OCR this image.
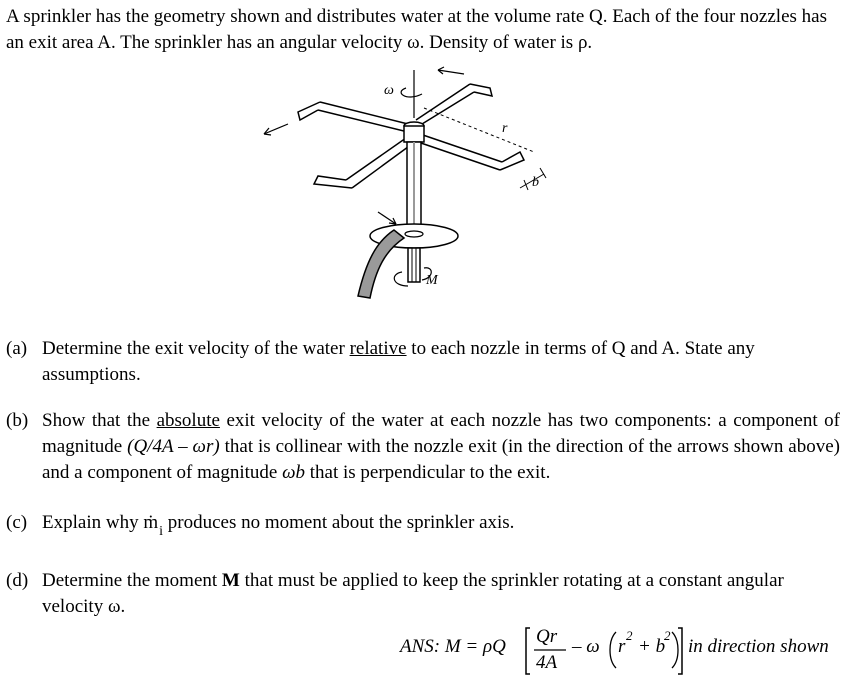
A sprinkler has the geometry shown and distributes water at the volume rate Q. Each of the four nozzles has an exit area A. The sprinkler has an angular velocity ω. Density of water is ρ.

M
ω
r
b
(a) Determine the exit velocity of the water relative to each nozzle in terms of Q and A. State any assumptions.
(b) Show that the absolute exit velocity of the water at each nozzle has two components: a component of magnitude (Q/4A – ωr) that is collinear with the nozzle exit (in the direction of the arrows shown above) and a component of magnitude ωb that is perpendicular to the exit.
(c) Explain why ṁ$_i$ produces no moment about the sprinkler axis.
(d) Determine the moment M that must be applied to keep the sprinkler rotating at a constant angular velocity ω.
ANS: M = ρQ Qr
4A
– ω r
2
+ b
2
in direction shown
